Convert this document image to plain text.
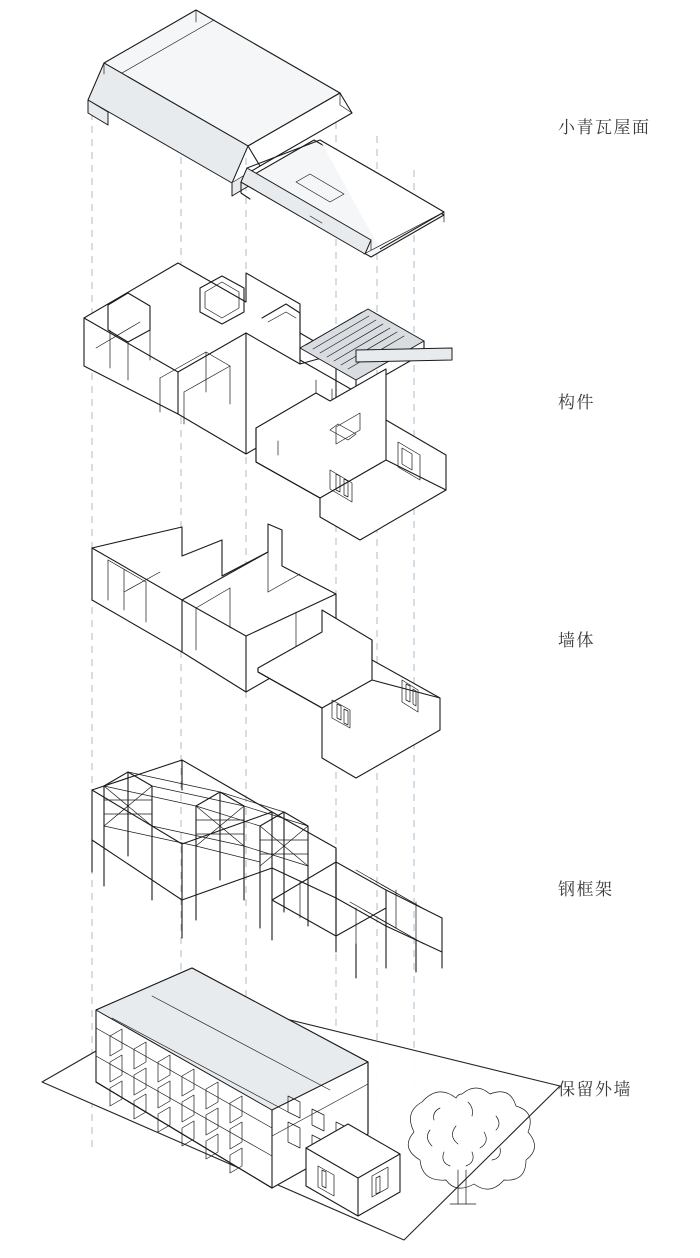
小青瓦屋面
构件
墙体
钢框架
保留外墙
